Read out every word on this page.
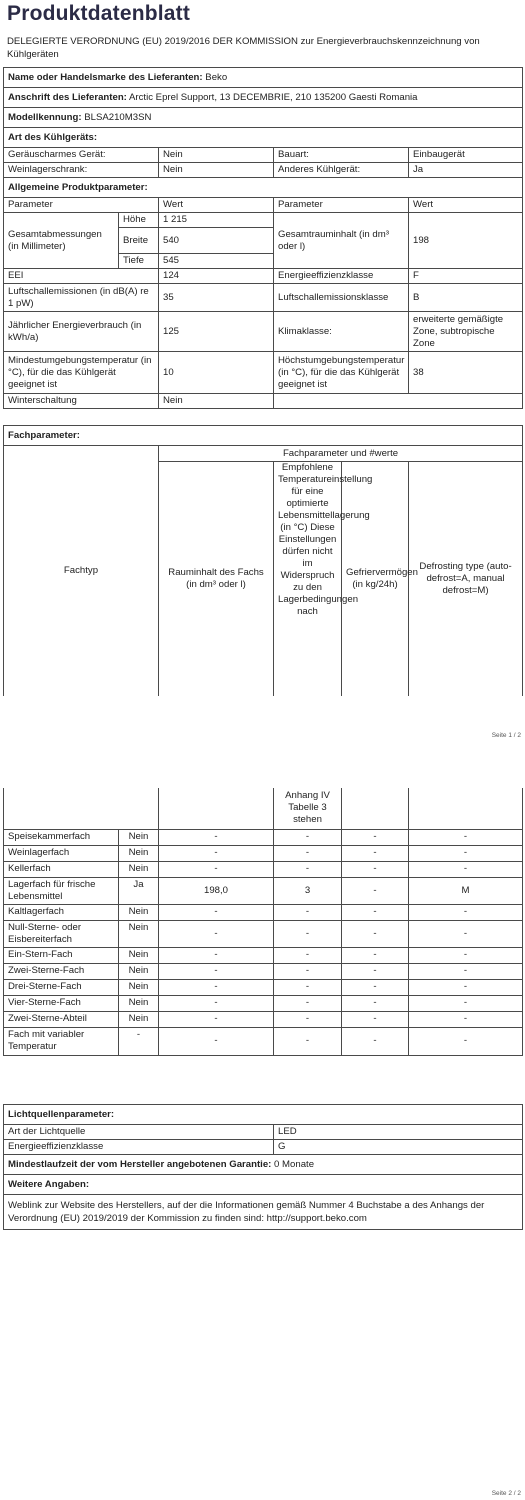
Produktdatenblatt
DELEGIERTE VERORDNUNG (EU) 2019/2016 DER KOMMISSION zur Energieverbrauchskennzeichnung von Kühlgeräten
Name oder Handelsmarke des Lieferanten: Beko				
Anschrift des Lieferanten: Arctic Eprel Support, 13 DECEMBRIE, 210 135200 Gaesti Romania				
Modellkennung: BLSA210M3SN				
Art des Kühlgeräts:				
Geräuscharmes Gerät:		Nein	Bauart:	Einbaugerät
Weinlagerschrank:		Nein	Anderes Kühlgerät:	Ja
Allgemeine Produktparameter:				
Parameter		Wert	Parameter	Wert
Gesamtabmessungen (in Millimeter)	Höhe	1 215	Gesamtrauminhalt (in dm³ oder l)	198
	Breite	540		
	Tiefe	545		
EEI		124	Energieeffizienzklasse	F
Luftschallemissionen (in dB(A) re 1 pW)		35	Luftschallemissionsklasse	B
Jährlicher Energieverbrauch (in kWh/a)		125	Klimaklasse:	erweiterte gemäßigte Zone, subtropische Zone
Mindestumgebungstemperatur (in °C), für die das Kühlgerät geeignet ist		10	Höchstumgebungstemperatur (in °C), für die das Kühlgerät geeignet ist	38
Winterschaltung		Nein		
Fachparameter:				
Fachtyp	Fachparameter und #werte			
	Rauminhalt des Fachs (in dm³ oder l)	Empfohlene Temperatureinstellung für eine optimierte Lebensmittellagerung (in °C) Diese Einstellungen dürfen nicht im Widerspruch zu den Lagerbedingungen nach	Gefriervermögen (in kg/24h)	Defrosting type (auto-defrost=A, manual defrost=M)
Seite 1 / 2
			Anhang IV Tabelle 3 stehen		
Speisekammerfach	Nein	-	-	-	-
Weinlagerfach	Nein	-	-	-	-
Kellerfach	Nein	-	-	-	-
Lagerfach für frische Lebensmittel	Ja	198,0	3	-	M
Kaltlagerfach	Nein	-	-	-	-
Null-Sterne- oder Eisbereiterfach	Nein	-	-	-	-
Ein-Stern-Fach	Nein	-	-	-	-
Zwei-Sterne-Fach	Nein	-	-	-	-
Drei-Sterne-Fach	Nein	-	-	-	-
Vier-Sterne-Fach	Nein	-	-	-	-
Zwei-Sterne-Abteil	Nein	-	-	-	-
Fach mit variabler Temperatur	-	-	-	-	-
Lichtquellenparameter:	
Art der Lichtquelle	LED
Energieeffizienzklasse	G
Mindestlaufzeit der vom Hersteller angebotenen Garantie: 0 Monate	
Weitere Angaben:	
Weblink zur Website des Herstellers, auf der die Informationen gemäß Nummer 4 Buchstabe a des Anhangs der Verordnung (EU) 2019/2019 der Kommission zu finden sind: http://support.beko.com	
Seite 2 / 2
